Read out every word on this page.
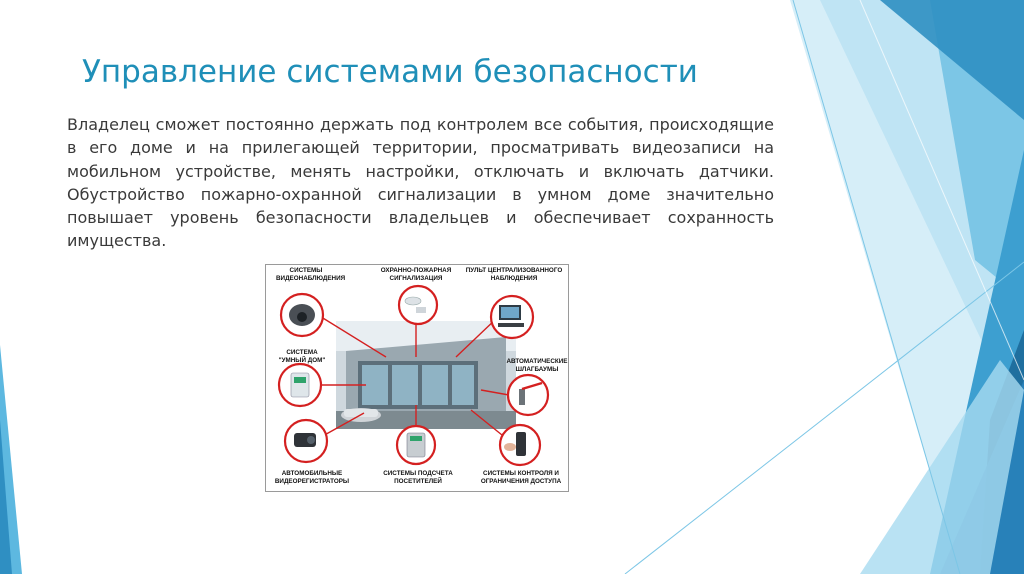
Управление системами безопасности
Владелец сможет постоянно держать под контролем все события, происходящие в его доме и на прилегающей территории, просматривать видеозаписи на мобильном устройстве, менять настройки, отключать и включать датчики. Обустройство пожарно-охранной сигнализации в умном доме значительно повышает уровень безопасности владельцев и обеспечивает сохранность имущества.
СИСТЕМЫ
ВИДЕОНАБЛЮДЕНИЯ
ОХРАННО-ПОЖАРНАЯ
СИГНАЛИЗАЦИЯ
ПУЛЬТ ЦЕНТРАЛИЗОВАННОГО
НАБЛЮДЕНИЯ
СИСТЕМА
"УМНЫЙ ДОМ"	АВТОМАТИЧЕСКИЕ
ШЛАГБАУМЫ
АВТОМОБИЛЬНЫЕ
ВИДЕОРЕГИСТРАТОРЫ
СИСТЕМЫ ПОДСЧЕТА
ПОСЕТИТЕЛЕЙ
СИСТЕМЫ КОНТРОЛЯ И
ОГРАНИЧЕНИЯ ДОСТУПА
